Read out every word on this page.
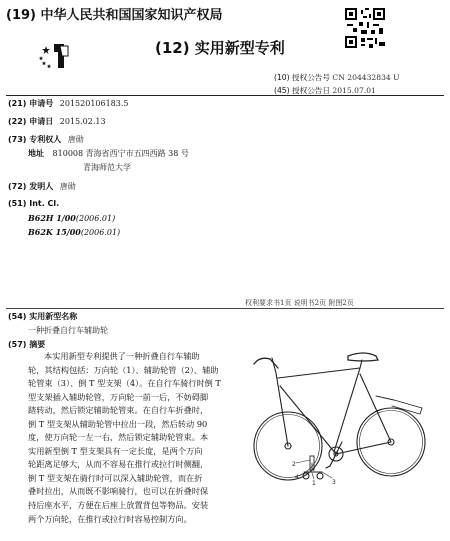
(19) 中华人民共和国国家知识产权局
(12) 实用新型专利
(10) 授权公告号 CN 204432834 U
(45) 授权公告日 2015.07.01
(21) 申请号 201520106183.5
(22) 申请日 2015.02.13
(73) 专利权人 唐勋
地址 810008 青海省西宁市五四西路 38 号
青海师范大学
(72) 发明人 唐勋
(51) Int. Cl.
B62H 1/00(2006.01)
B62K 15/00(2006.01)
权利要求书1页 说明书2页 附图2页
(54) 实用新型名称
一种折叠自行车辅助轮
(57) 摘要
本实用新型专利提供了一种折叠自行车辅助
轮，其结构包括：万向轮（1）、辅助轮管（2）、辅助
轮管束（3）、倒 T 型支架（4）。在自行车骑行时倒 T
型支架插入辅助轮管，万向轮一前一后，不妨碍脚
踏转动，然后锁定辅助轮管束。在自行车折叠时，
倒 T 型支架从辅助轮管中拉出一段，然后转动 90
度，使万向轮一左一右，然后锁定辅助轮管束。本
实用新型倒 T 型支架具有一定长度，是两个万向
轮距离足够大，从而不容易在推行或拉行时侧翻，
倒 T 型支架在骑行时可以深入辅助轮管，而在折
叠时拉出，从而既不影响骑行，也可以在折叠时保
持后座水平，方便在后座上放置背包等物品。安装
两个万向轮，在推行或拉行时容易控制方向。
2
4
1	3
